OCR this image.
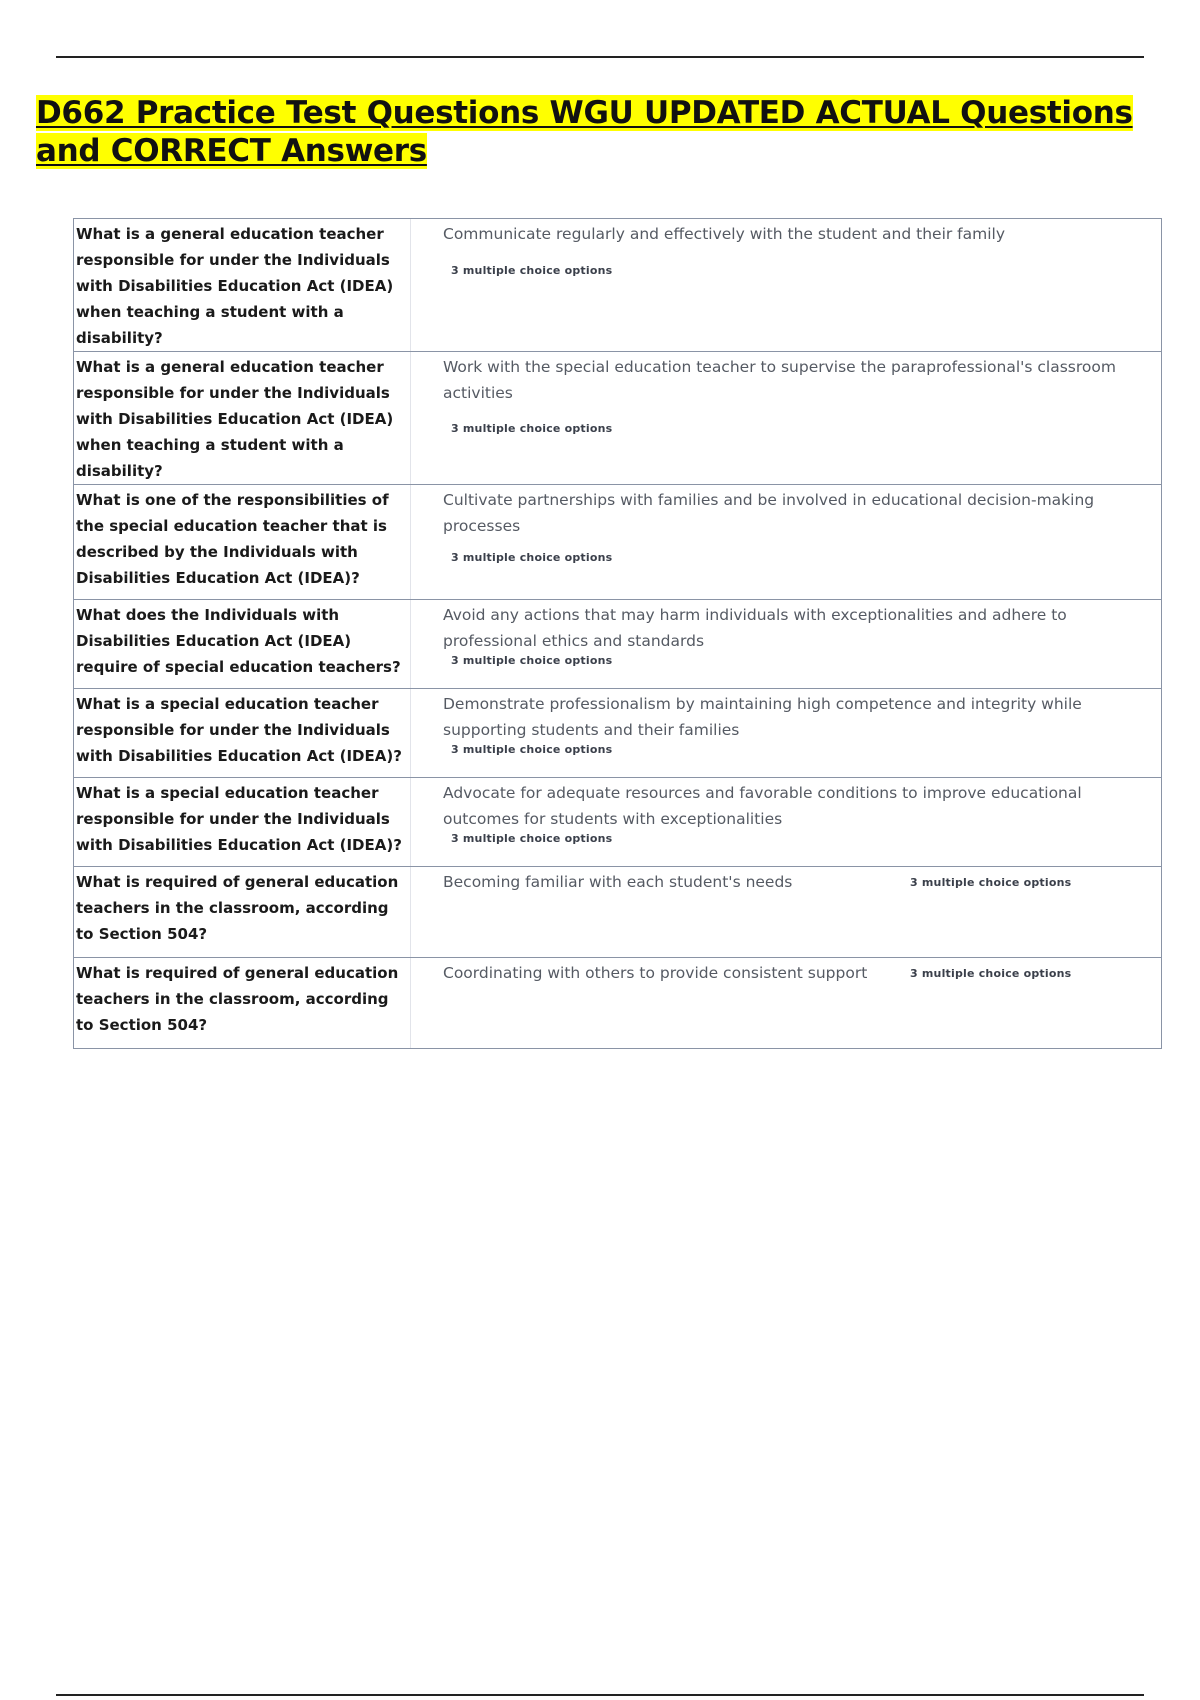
D662 Practice Test Questions WGU UPDATED ACTUAL Questions and CORRECT Answers
What is a general education teacher responsible for under the Individuals with Disabilities Education Act (IDEA) when teaching a student with a disability?
Communicate regularly and effectively with the student and their family
3 multiple choice options
What is a general education teacher responsible for under the Individuals with Disabilities Education Act (IDEA) when teaching a student with a disability?
Work with the special education teacher to supervise the paraprofessional's classroom activities
3 multiple choice options
What is one of the responsibilities of the special education teacher that is described by the Individuals with Disabilities Education Act (IDEA)?
Cultivate partnerships with families and be involved in educational decision-making processes
3 multiple choice options
What does the Individuals with Disabilities Education Act (IDEA) require of special education teachers?
Avoid any actions that may harm individuals with exceptionalities and adhere to professional ethics and standards
3 multiple choice options
What is a special education teacher responsible for under the Individuals with Disabilities Education Act (IDEA)?
Demonstrate professionalism by maintaining high competence and integrity while supporting students and their families
3 multiple choice options
What is a special education teacher responsible for under the Individuals with Disabilities Education Act (IDEA)?
Advocate for adequate resources and favorable conditions to improve educational outcomes for students with exceptionalities
3 multiple choice options
What is required of general education teachers in the classroom, according to Section 504?
Becoming familiar with each student's needs	3 multiple choice options
What is required of general education teachers in the classroom, according to Section 504?
Coordinating with others to provide consistent support	3 multiple choice options
